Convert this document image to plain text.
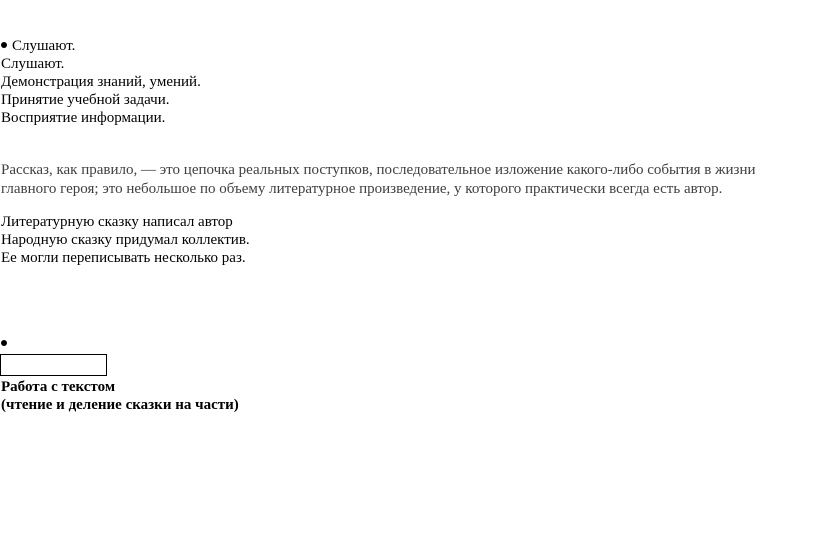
Слушают.
Слушают.
Демонстрация знаний, умений.
Принятие учебной задачи.
Восприятие информации.
Рассказ, как правило, — это цепочка реальных поступков, последовательное изложение какого-либо события в жизни
главного героя; это небольшое по объему литературное произведение, у которого практически всегда есть автор.
Литературную сказку написал автор
Народную сказку придумал коллектив.
Ее могли переписывать несколько раз.
Работа с текстом
(чтение и деление сказки на части)
